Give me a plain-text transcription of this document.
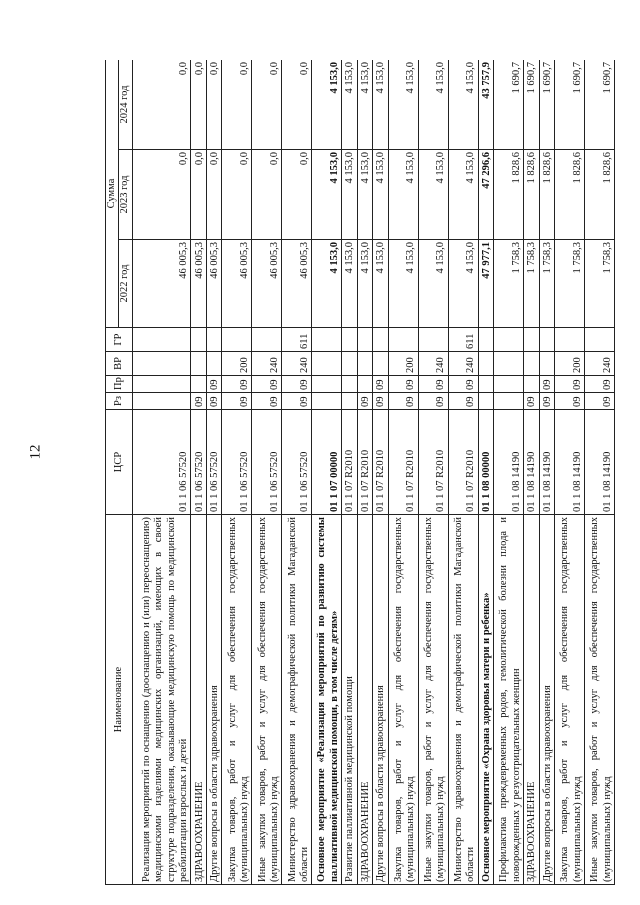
12
Наименование	ЦСР	Рз	Пр	ВР	ГР	Сумма		
						2022 год	2023 год	2024 год
Реализация мероприятий по оснащению (дооснащению и (или) переоснащению) медицинскими изделиями медицинских организаций, имеющих в своей структуре подразделения, оказывающие медицинскую помощь по медицинской реабилитации взрослых и детей	01 1 06 57520					46 005,3	0,0	0,0
ЗДРАВООХРАНЕНИЕ	01 1 06 57520	09				46 005,3	0,0	0,0
Другие вопросы в области здравоохранения	01 1 06 57520	09	09			46 005,3	0,0	0,0
Закупка товаров, работ и услуг для обеспечения государственных (муниципальных) нужд	01 1 06 57520	09	09	200		46 005,3	0,0	0,0
Иные закупки товаров, работ и услуг для обеспечения государственных (муниципальных) нужд	01 1 06 57520	09	09	240		46 005,3	0,0	0,0
Министерство здравоохранения и демографической политики Магаданской области	01 1 06 57520	09	09	240	611	46 005,3	0,0	0,0
Основное мероприятие «Реализация мероприятий по развитию системы паллиативной медицинской помощи, в том числе детям»	01 1 07 00000					4 153,0	4 153,0	4 153,0
Развитие паллиативной медицинской помощи	01 1 07 R2010					4 153,0	4 153,0	4 153,0
ЗДРАВООХРАНЕНИЕ	01 1 07 R2010	09				4 153,0	4 153,0	4 153,0
Другие вопросы в области здравоохранения	01 1 07 R2010	09	09			4 153,0	4 153,0	4 153,0
Закупка товаров, работ и услуг для обеспечения государственных (муниципальных) нужд	01 1 07 R2010	09	09	200		4 153,0	4 153,0	4 153,0
Иные закупки товаров, работ и услуг для обеспечения государственных (муниципальных) нужд	01 1 07 R2010	09	09	240		4 153,0	4 153,0	4 153,0
Министерство здравоохранения и демографической политики Магаданской области	01 1 07 R2010	09	09	240	611	4 153,0	4 153,0	4 153,0
Основное мероприятие «Охрана здоровья матери и ребенка»	01 1 08 00000					47 977,1	47 296,6	43 757,9
Профилактика преждевременных родов, гемолитической болезни плода и новорожденных у резусотрицательных женщин	01 1 08 14190					1 758,3	1 828,6	1 690,7
ЗДРАВООХРАНЕНИЕ	01 1 08 14190	09				1 758,3	1 828,6	1 690,7
Другие вопросы в области здравоохранения	01 1 08 14190	09	09			1 758,3	1 828,6	1 690,7
Закупка товаров, работ и услуг для обеспечения государственных (муниципальных) нужд	01 1 08 14190	09	09	200		1 758,3	1 828,6	1 690,7
Иные закупки товаров, работ и услуг для обеспечения государственных (муниципальных) нужд	01 1 08 14190	09	09	240		1 758,3	1 828,6	1 690,7
